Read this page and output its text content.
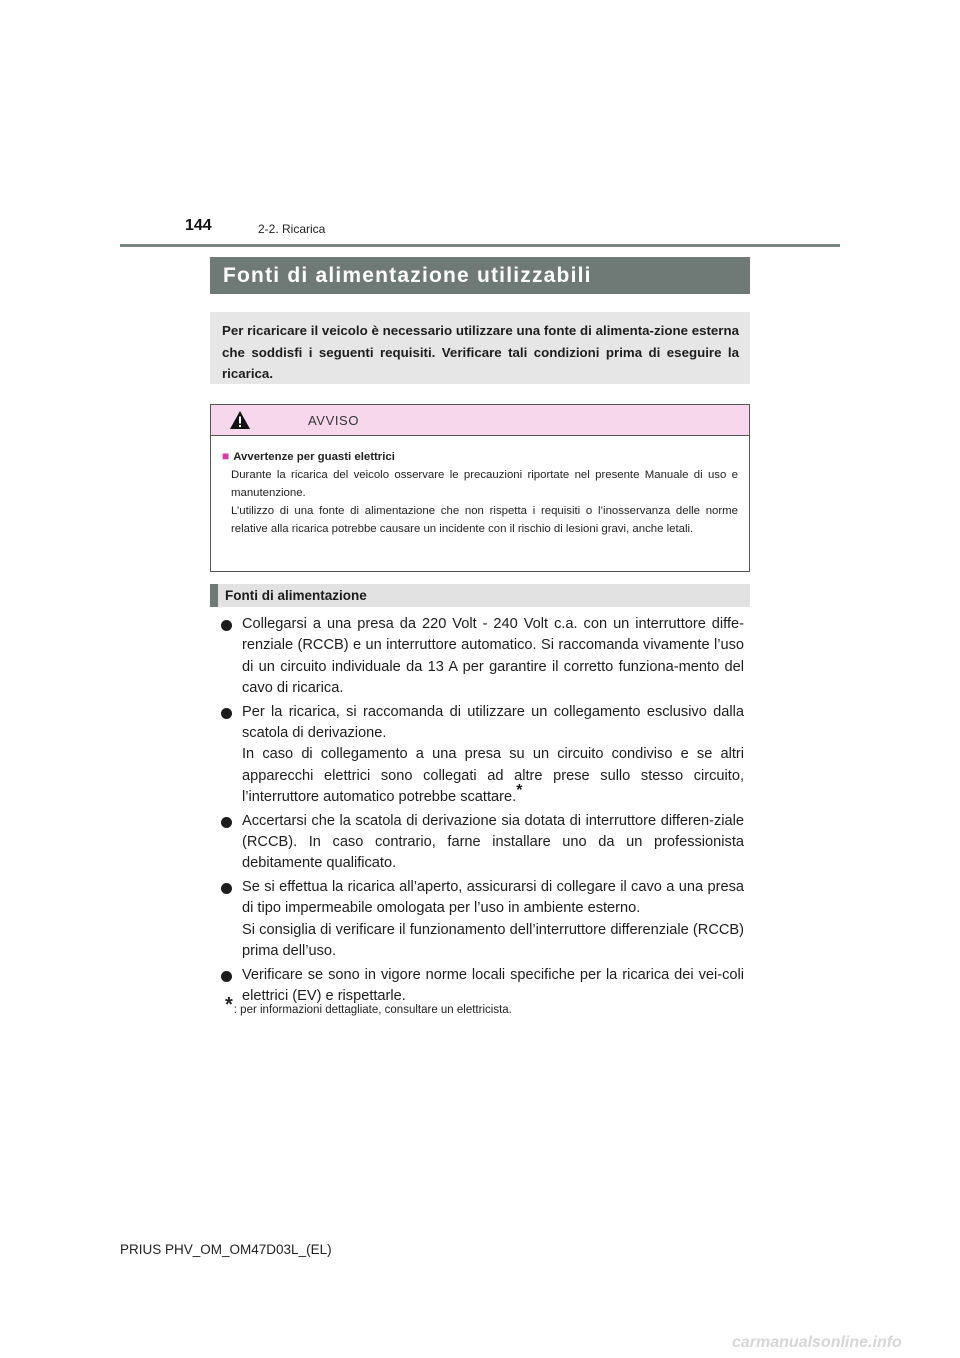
144	2-2. Ricarica
Fonti di alimentazione utilizzabili
Per ricaricare il veicolo è necessario utilizzare una fonte di alimenta-zione esterna che soddisfi i seguenti requisiti. Verificare tali condizioni prima di eseguire la ricarica.
AVVISO
■ Avvertenze per guasti elettrici
Durante la ricarica del veicolo osservare le precauzioni riportate nel presente Manuale di uso e manutenzione.
L’utilizzo di una fonte di alimentazione che non rispetta i requisiti o l’inosservanza delle norme relative alla ricarica potrebbe causare un incidente con il rischio di lesioni gravi, anche letali.
Fonti di alimentazione

Collegarsi a una presa da 220 Volt - 240 Volt c.a. con un interruttore diffe-renziale (RCCB) e un interruttore automatico. Si raccomanda vivamente l’uso di un circuito individuale da 13 A per garantire il corretto funziona-mento del cavo di ricarica.

Per la ricarica, si raccomanda di utilizzare un collegamento esclusivo dalla scatola di derivazione.

In caso di collegamento a una presa su un circuito condiviso e se altri apparecchi elettrici sono collegati ad altre prese sullo stesso circuito, l’interruttore automatico potrebbe scattare.*

Accertarsi che la scatola di derivazione sia dotata di interruttore differen-ziale (RCCB). In caso contrario, farne installare uno da un professionista debitamente qualificato.

Se si effettua la ricarica all’aperto, assicurarsi di collegare il cavo a una presa di tipo impermeabile omologata per l’uso in ambiente esterno.

Si consiglia di verificare il funzionamento dell’interruttore differenziale (RCCB) prima dell’uso.

Verificare se sono in vigore norme locali specifiche per la ricarica dei vei-coli elettrici (EV) e rispettarle.

*: per informazioni dettagliate, consultare un elettricista.
PRIUS PHV_OM_OM47D03L_(EL)
carmanualsonline.info
